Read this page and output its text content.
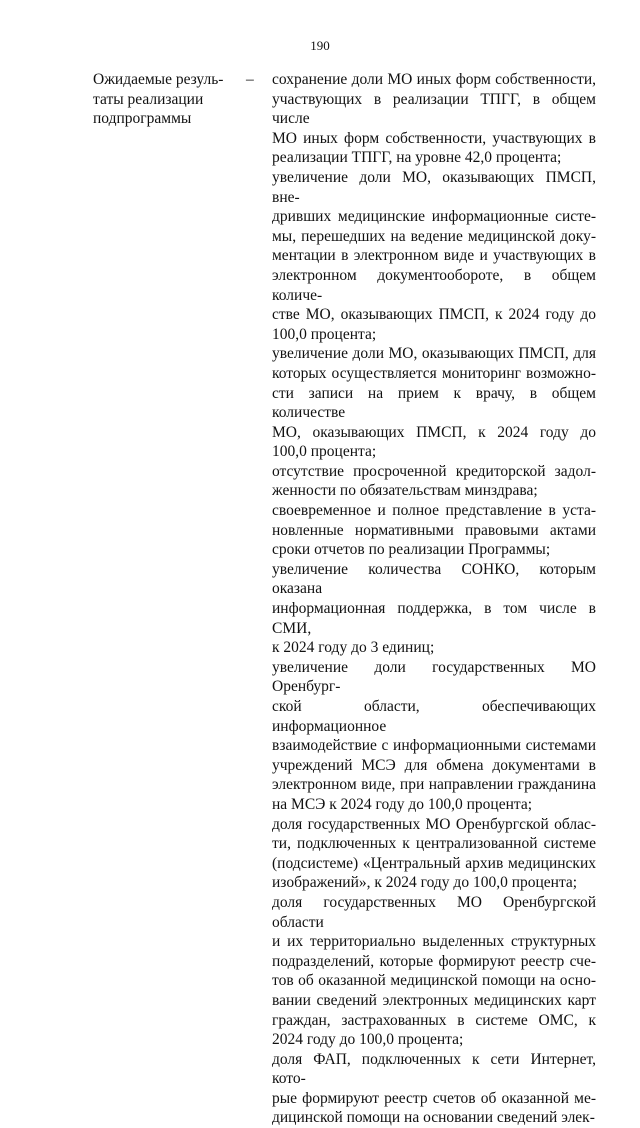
190
Ожидаемые резуль-
таты реализации
подпрограммы
– сохранение доли МО иных форм собственности,
участвующих в реализации ТПГГ, в общем числе
МО иных форм собственности, участвующих в
реализации ТПГГ, на уровне 42,0 процента;
увеличение доли МО, оказывающих ПМСП, вне-
дривших медицинские информационные систе-
мы, перешедших на ведение медицинской доку-
ментации в электронном виде и участвующих в
электронном документообороте, в общем количе-
стве МО, оказывающих ПМСП, к 2024 году до
100,0 процента;
увеличение доли МО, оказывающих ПМСП, для
которых осуществляется мониторинг возможно-
сти записи на прием к врачу, в общем количестве
МО, оказывающих ПМСП, к 2024 году до
100,0 процента;
отсутствие просроченной кредиторской задол-
женности по обязательствам минздрава;
своевременное и полное представление в уста-
новленные нормативными правовыми актами
сроки отчетов по реализации Программы;
увеличение количества СОНКО, которым оказана
информационная поддержка, в том числе в СМИ,
к 2024 году до 3 единиц;
увеличение доли государственных МО Оренбург-
ской области, обеспечивающих информационное
взаимодействие с информационными системами
учреждений МСЭ для обмена документами в
электронном виде, при направлении гражданина
на МСЭ к 2024 году до 100,0 процента;
доля государственных МО Оренбургской облас-
ти, подключенных к централизованной системе
(подсистеме) «Центральный архив медицинских
изображений», к 2024 году до 100,0 процента;
доля государственных МО Оренбургской области
и их территориально выделенных структурных
подразделений, которые формируют реестр сче-
тов об оказанной медицинской помощи на осно-
вании сведений электронных медицинских карт
граждан, застрахованных в системе ОМС, к
2024 году до 100,0 процента;
доля ФАП, подключенных к сети Интернет, кото-
рые формируют реестр счетов об оказанной ме-
дицинской помощи на основании сведений элек-
